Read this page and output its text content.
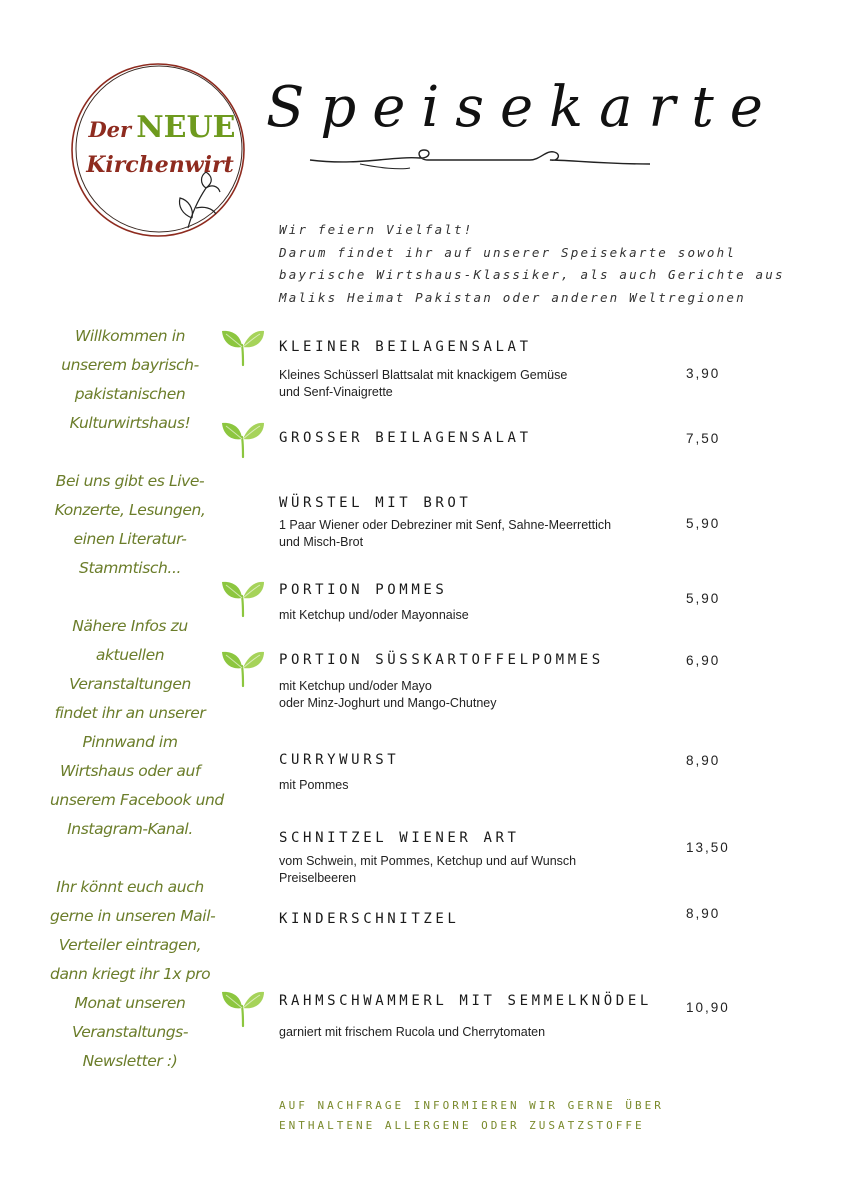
Der NEUE
Kirchenwirt
Speisekarte
Wir feiern Vielfalt!
Darum findet ihr auf unserer Speisekarte sowohl
bayrische Wirtshaus-Klassiker, als auch Gerichte aus
Maliks Heimat Pakistan oder anderen Weltregionen
Willkommen in
unserem bayrisch-
pakistanischen
Kulturwirtshaus!
Bei uns gibt es Live-
Konzerte, Lesungen,
einen Literatur-
Stammtisch...
Nähere Infos zu
aktuellen
Veranstaltungen
findet ihr an unserer
Pinnwand im
Wirtshaus oder auf
unserem Facebook und
Instagram-Kanal.
Ihr könnt euch auch
gerne in unseren Mail-
Verteiler eintragen,
dann kriegt ihr 1x pro
Monat unseren
Veranstaltungs-
Newsletter :)
KLEINER BEILAGENSALAT
Kleines Schüsserl Blattsalat mit knackigem Gemüse
und Senf-Vinaigrette
3,90
GROSSER BEILAGENSALAT	7,50
WÜRSTEL MIT BROT
1 Paar Wiener oder Debreziner mit Senf, Sahne-Meerrettich
und Misch-Brot
5,90
PORTION POMMES
mit Ketchup und/oder Mayonnaise
5,90
PORTION SÜSSKARTOFFELPOMMES
mit Ketchup und/oder Mayo
oder Minz-Joghurt und Mango-Chutney
6,90
CURRYWURST
mit Pommes
8,90
SCHNITZEL WIENER ART
vom Schwein, mit Pommes, Ketchup und auf Wunsch
Preiselbeeren
13,50
KINDERSCHNITZEL	8,90
RAHMSCHWAMMERL MIT SEMMELKNÖDEL
garniert mit frischem Rucola und Cherrytomaten
10,90
AUF NACHFRAGE INFORMIEREN WIR GERNE ÜBER
ENTHALTENE ALLERGENE ODER ZUSATZSTOFFE
